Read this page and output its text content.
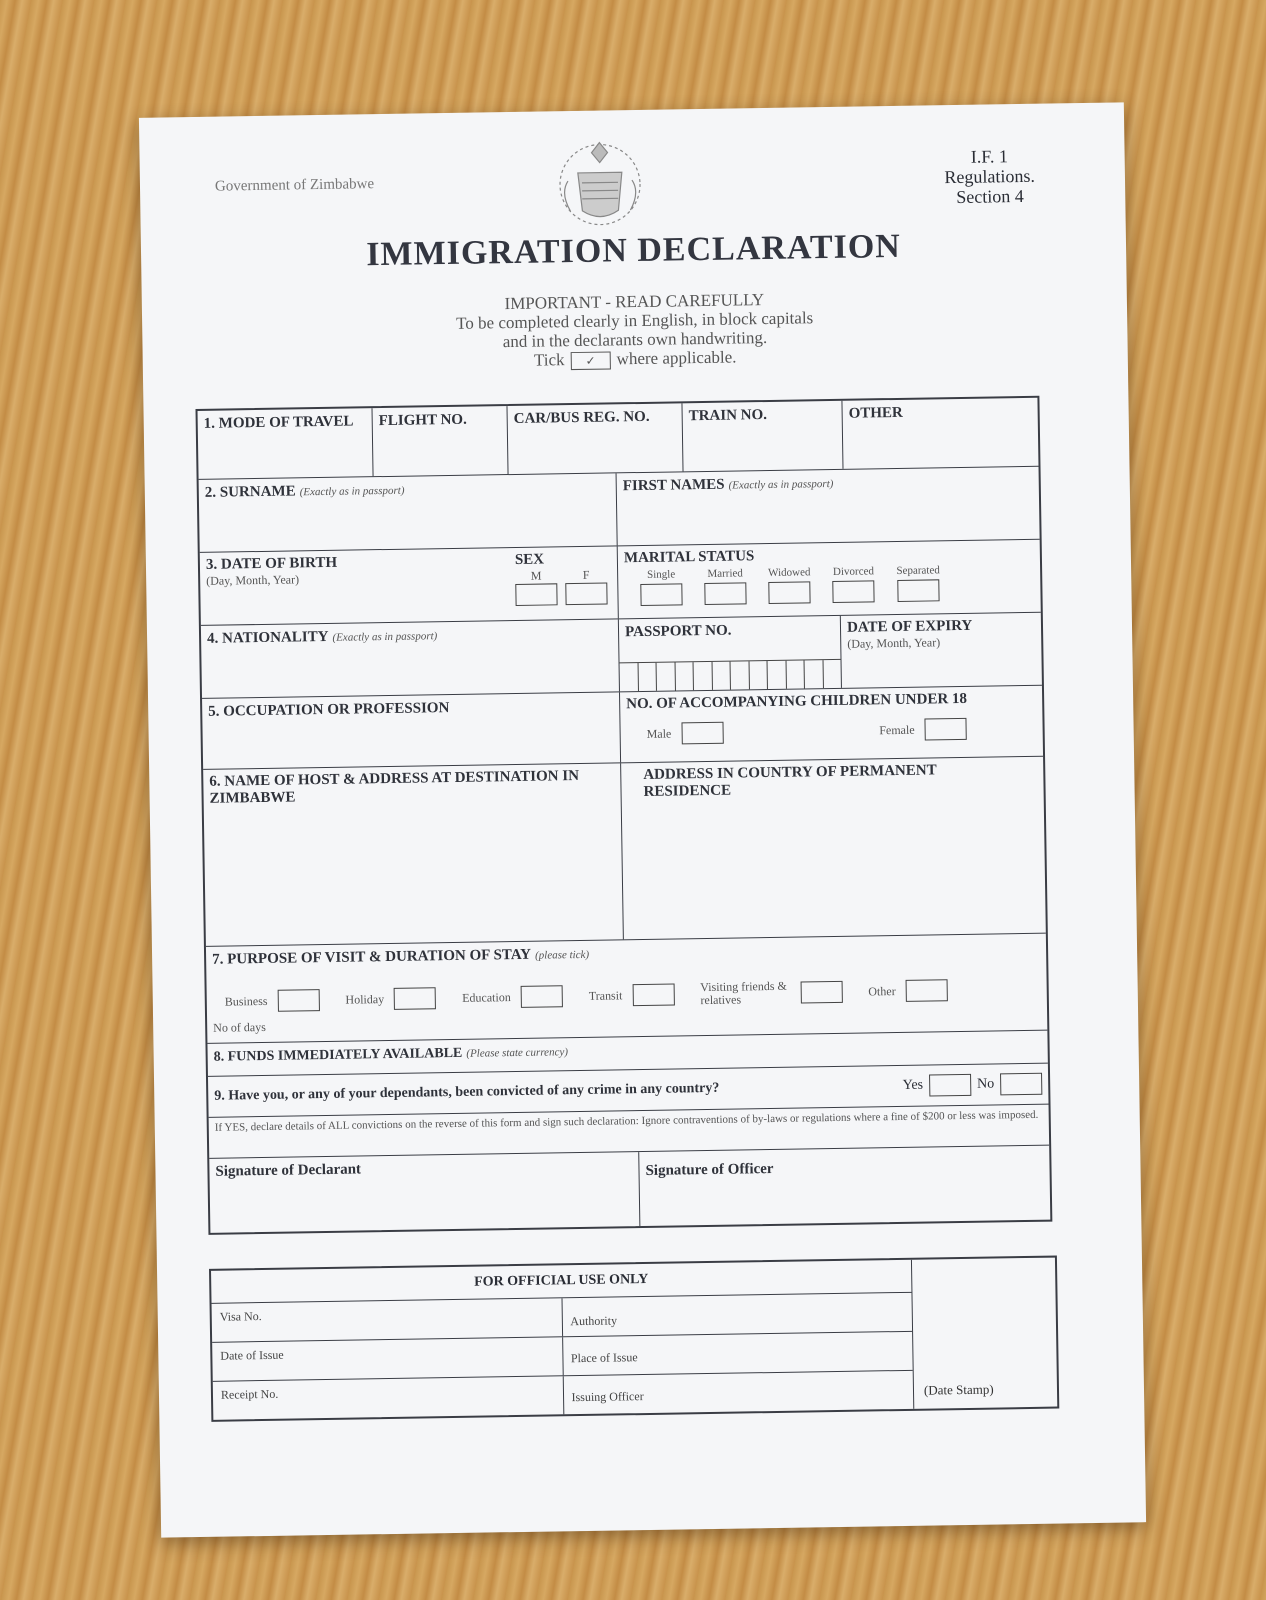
Government of Zimbabwe
I.F. 1
Regulations.
Section 4
IMMIGRATION DECLARATION
IMPORTANT - READ CAREFULLY
To be completed clearly in English, in block capitals
and in the declarants own handwriting.
Tick ✓ where applicable.
1. MODE OF TRAVEL	FLIGHT NO.	CAR/BUS REG. NO.	TRAIN NO.	OTHER
2. SURNAME (Exactly as in passport)	FIRST NAMES (Exactly as in passport)
3. DATE OF BIRTH
(Day, Month, Year)
SEX
M	F
MARITAL STATUS
Single	Married Widowed Divorced Separated
4. NATIONALITY (Exactly as in passport)	PASSPORT NO.	DATE OF EXPIRY
(Day, Month, Year)
5. OCCUPATION OR PROFESSION	NO. OF ACCOMPANYING CHILDREN UNDER 18
Male	Female
6. NAME OF HOST & ADDRESS AT DESTINATION IN ZIMBABWE
ADDRESS IN COUNTRY OF PERMANENT RESIDENCE
7. PURPOSE OF VISIT & DURATION OF STAY (please tick)
Business	Holiday	Education	Transit
Visiting friends & relatives
Other
No of days
8. FUNDS IMMEDIATELY AVAILABLE (Please state currency)
9. Have you, or any of your dependants, been convicted of any crime in any country?	Yes	No
If YES, declare details of ALL convictions on the reverse of this form and sign such declaration: Ignore contraventions of by-laws or regulations where a fine of $200 or less was imposed.
Signature of Declarant	Signature of Officer
FOR OFFICIAL USE ONLY
Visa No.	Authority
Date of Issue	Place of Issue
Receipt No.	Issuing Officer	(Date Stamp)
